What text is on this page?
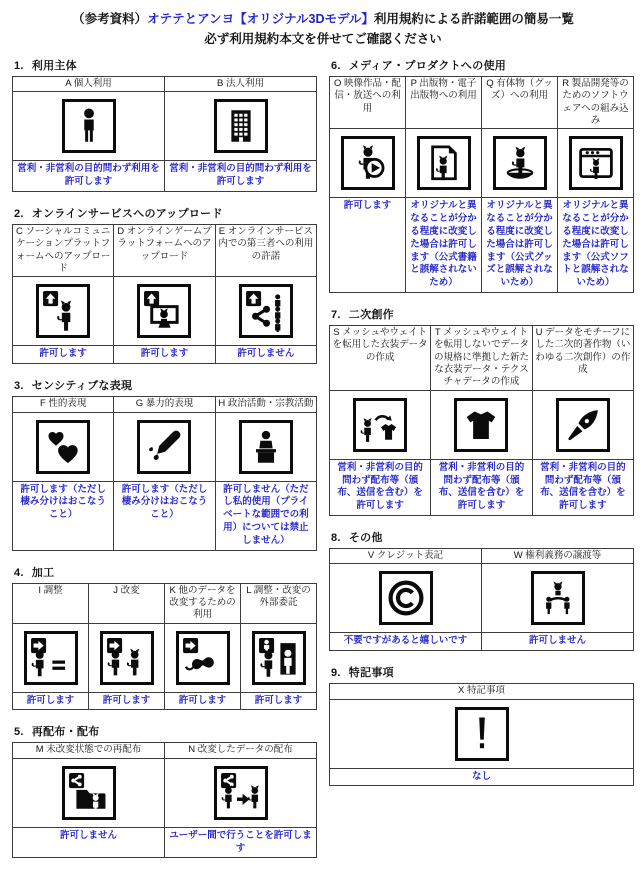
（参考資料）オテテとアンヨ【オリジナル3Dモデル】利用規約による許諾範囲の簡易一覧
必ず利用規約本文を併せてご確認ください
1. 利用主体
A 個人利用	B 法人利用

営利・非営利の目的問わず利用を許可します	営利・非営利の目的問わず利用を許可します
2. オンラインサービスへのアップロード
C ソーシャルコミュニケーションプラットフォームへのアップロード	D オンラインゲームプラットフォームへのアップロード	E オンラインサービス内での第三者への利用の許諾

許可します	許可します	許可しません
3. センシティブな表現
F 性的表現	G 暴力的表現	H 政治活動・宗教活動

許可します（ただし棲み分けはおこなうこと）	許可します（ただし棲み分けはおこなうこと）	許可しません（ただし私的使用（プライベートな範囲での利用）については禁止しません）
4. 加工
I 調整	J 改変	K 他のデータを改変するための利用	L 調整・改変の外部委託

許可します	許可します	許可します	許可します
5. 再配布・配布
M 未改変状態での再配布	N 改変したデータの配布

許可しません	ユーザー間で行うことを許可します
6. メディア・プロダクトへの使用
O 映像作品・配信・放送への利用	P 出版物・電子出版物への利用	Q 有体物（グッズ）への利用	R 製品開発等のためのソフトウェアへの組み込み

許可します	オリジナルと異なることが分かる程度に改変した場合は許可します（公式書籍と誤解されないため）	オリジナルと異なることが分かる程度に改変した場合は許可します（公式グッズと誤解されないため）	オリジナルと異なることが分かる程度に改変した場合は許可します（公式ソフトと誤解されないため）
7. 二次創作
S メッシュやウェイトを転用した衣装データの作成	T メッシュやウェイトを転用しないでデータの規格に準拠した新たな衣装データ・テクスチャデータの作成	U データをモチーフにした二次的著作物（いわゆる二次創作）の作成

営利・非営利の目的問わず配布等（頒布、送信を含む）を許可します	営利・非営利の目的問わず配布等（頒布、送信を含む）を許可します	営利・非営利の目的問わず配布等（頒布、送信を含む）を許可します
8. その他
V クレジット表記	W 権利義務の譲渡等

不要ですがあると嬉しいです	許可しません
9. 特記事項
X 特記事項

なし
